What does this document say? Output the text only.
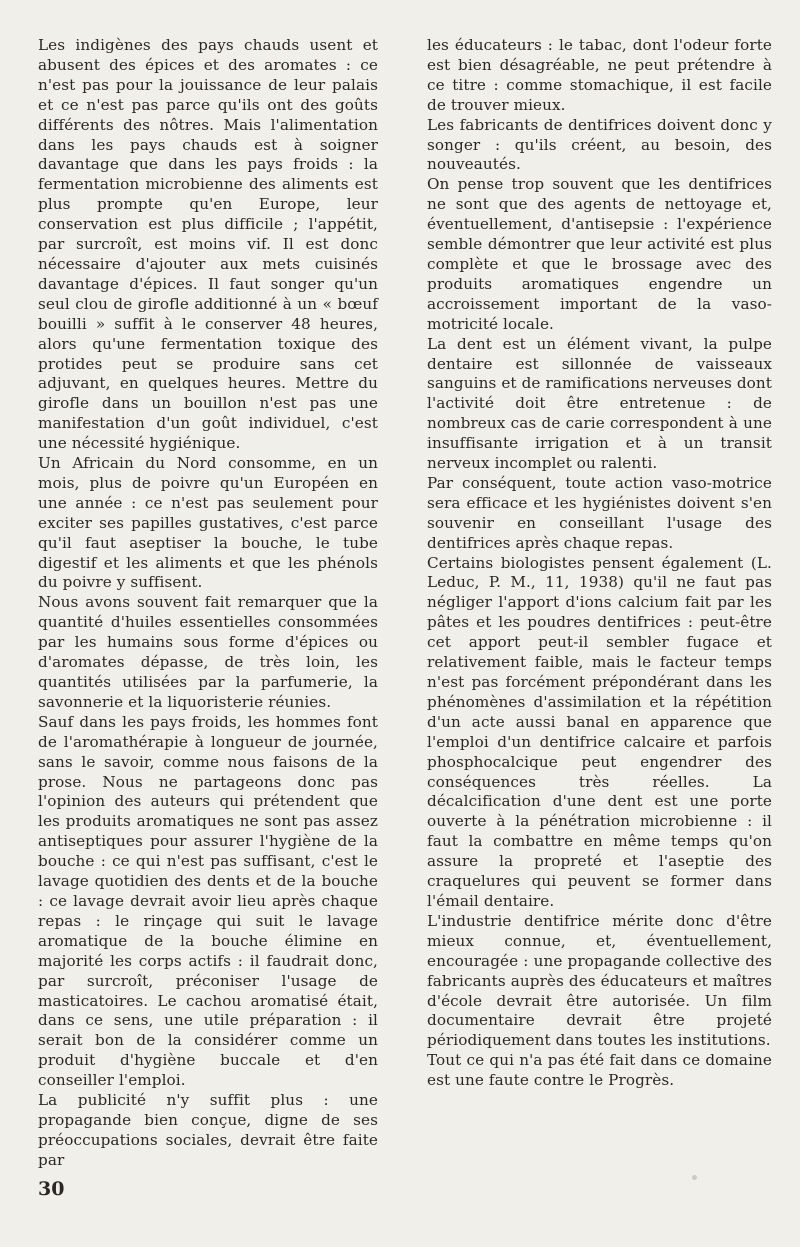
Les indigènes des pays chauds usent et abusent des épices et des aromates : ce n'est pas pour la jouissance de leur palais et ce n'est pas parce qu'ils ont des goûts différents des nôtres. Mais l'alimentation dans les pays chauds est à soigner davantage que dans les pays froids : la fermentation microbienne des aliments est plus prompte qu'en Europe, leur conservation est plus difficile ; l'appétit, par surcroît, est moins vif. Il est donc nécessaire d'ajouter aux mets cuisinés davantage d'épices. Il faut songer qu'un seul clou de girofle additionné à un « bœuf bouilli » suffit à le conserver 48 heures, alors qu'une fermentation toxique des protides peut se produire sans cet adjuvant, en quelques heures. Mettre du girofle dans un bouillon n'est pas une manifestation d'un goût individuel, c'est une nécessité hygiénique.

Un Africain du Nord consomme, en un mois, plus de poivre qu'un Européen en une année : ce n'est pas seulement pour exciter ses papilles gustatives, c'est parce qu'il faut aseptiser la bouche, le tube digestif et les aliments et que les phénols du poivre y suffisent.

Nous avons souvent fait remarquer que la quantité d'huiles essentielles consommées par les humains sous forme d'épices ou d'aromates dépasse, de très loin, les quantités utilisées par la parfumerie, la savonnerie et la liquoristerie réunies.

Sauf dans les pays froids, les hommes font de l'aromathérapie à longueur de journée, sans le savoir, comme nous faisons de la prose. Nous ne partageons donc pas l'opinion des auteurs qui prétendent que les produits aromatiques ne sont pas assez antiseptiques pour assurer l'hygiène de la bouche : ce qui n'est pas suffisant, c'est le lavage quotidien des dents et de la bouche : ce lavage devrait avoir lieu après chaque repas : le rinçage qui suit le lavage aromatique de la bouche élimine en majorité les corps actifs : il faudrait donc, par surcroît, préconiser l'usage de masticatoires. Le cachou aromatisé était, dans ce sens, une utile préparation : il serait bon de la considérer comme un produit d'hygiène buccale et d'en conseiller l'emploi.

La publicité n'y suffit plus : une propagande bien conçue, digne de ses préoccupations sociales, devrait être faite par

les éducateurs : le tabac, dont l'odeur forte est bien désagréable, ne peut prétendre à ce titre : comme stomachique, il est facile de trouver mieux.

Les fabricants de dentifrices doivent donc y songer : qu'ils créent, au besoin, des nouveautés.

On pense trop souvent que les dentifrices ne sont que des agents de nettoyage et, éventuellement, d'antisepsie : l'expérience semble démontrer que leur activité est plus complète et que le brossage avec des produits aromatiques engendre un accroissement important de la vaso-motricité locale.

La dent est un élément vivant, la pulpe dentaire est sillonnée de vaisseaux sanguins et de ramifications nerveuses dont l'activité doit être entretenue : de nombreux cas de carie correspondent à une insuffisante irrigation et à un transit nerveux incomplet ou ralenti.

Par conséquent, toute action vaso-motrice sera efficace et les hygiénistes doivent s'en souvenir en conseillant l'usage des dentifrices après chaque repas.

Certains biologistes pensent également (L. Leduc, P. M., 11, 1938) qu'il ne faut pas négliger l'apport d'ions calcium fait par les pâtes et les poudres dentifrices : peut-être cet apport peut-il sembler fugace et relativement faible, mais le facteur temps n'est pas forcément prépondérant dans les phénomènes d'assimilation et la répétition d'un acte aussi banal en apparence que l'emploi d'un dentifrice calcaire et parfois phosphocalcique peut engendrer des conséquences très réelles. La décalcification d'une dent est une porte ouverte à la pénétration microbienne : il faut la combattre en même temps qu'on assure la propreté et l'aseptie des craquelures qui peuvent se former dans l'émail dentaire.

L'industrie dentifrice mérite donc d'être mieux connue, et, éventuellement, encouragée : une propagande collective des fabricants auprès des éducateurs et maîtres d'école devrait être autorisée. Un film documentaire devrait être projeté périodiquement dans toutes les institutions.

Tout ce qui n'a pas été fait dans ce domaine est une faute contre le Progrès.

30
